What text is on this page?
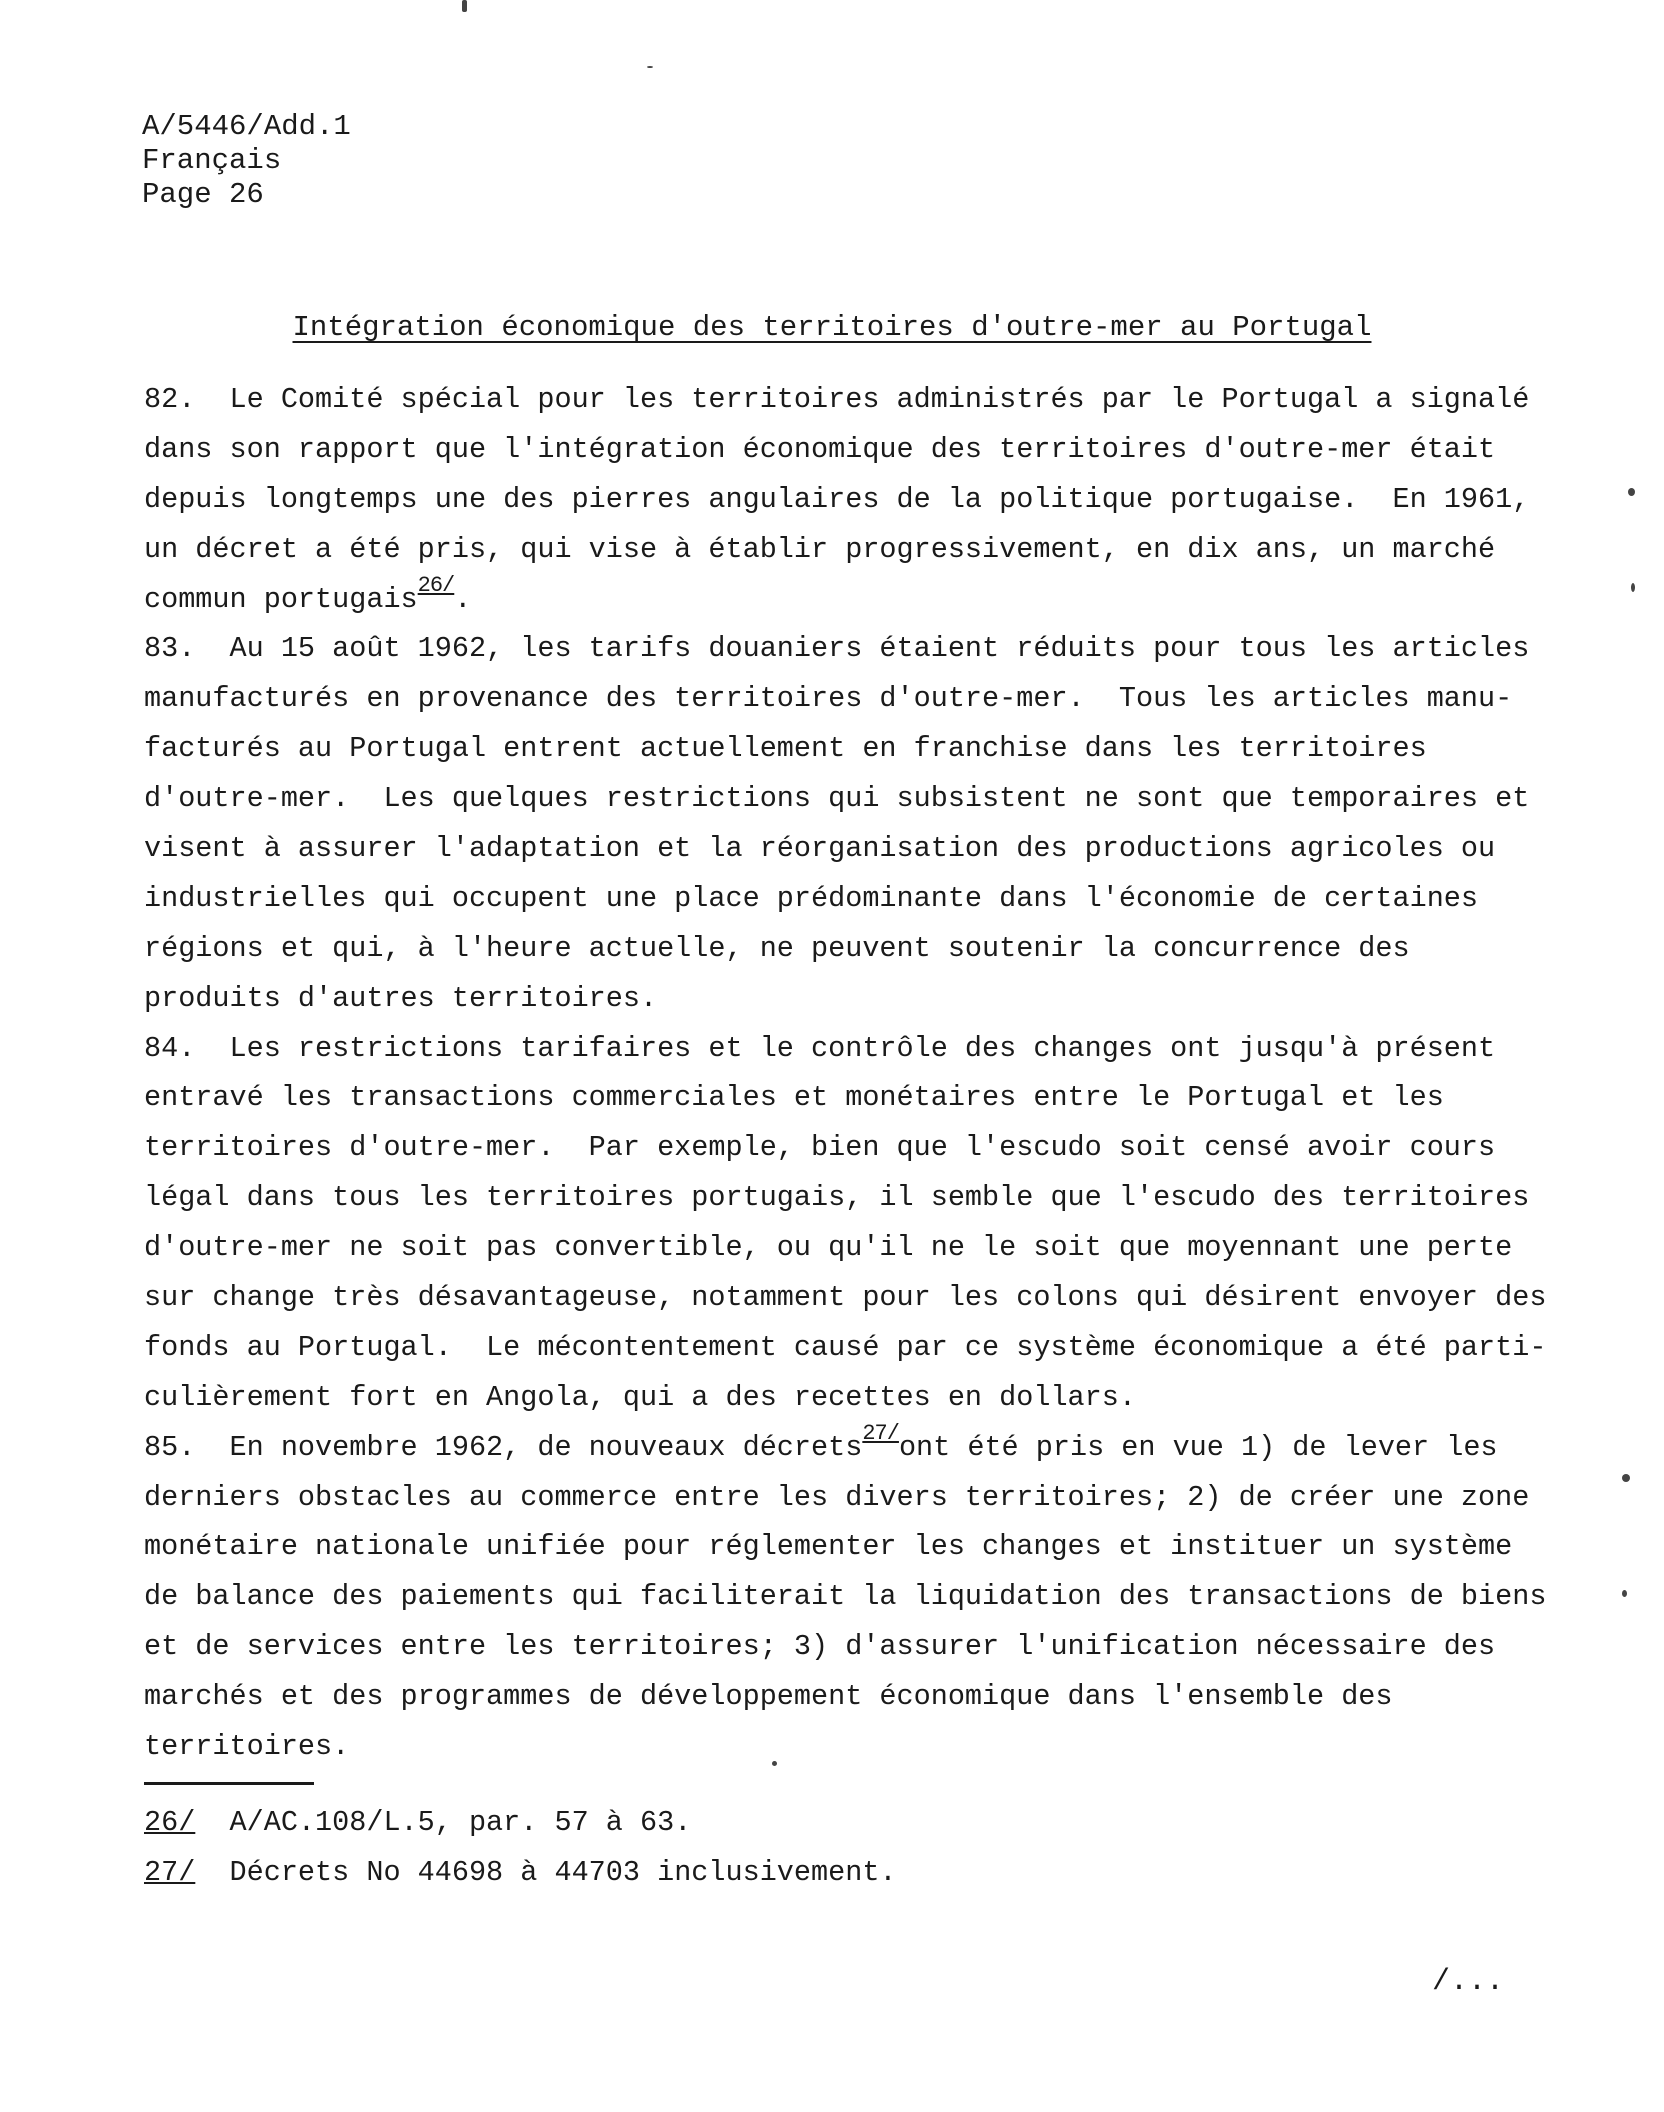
A/5446/Add.1
Français
Page 26
Intégration économique des territoires d'outre-mer au Portugal
82.  Le Comité spécial pour les territoires administrés par le Portugal a signalé
dans son rapport que l'intégration économique des territoires d'outre-mer était
depuis longtemps une des pierres angulaires de la politique portugaise.  En 1961,
un décret a été pris, qui vise à établir progressivement, en dix ans, un marché
commun portugais$^{26/}$.
83.  Au 15 août 1962, les tarifs douaniers étaient réduits pour tous les articles
manufacturés en provenance des territoires d'outre-mer.  Tous les articles manu-
facturés au Portugal entrent actuellement en franchise dans les territoires
d'outre-mer.  Les quelques restrictions qui subsistent ne sont que temporaires et
visent à assurer l'adaptation et la réorganisation des productions agricoles ou
industrielles qui occupent une place prédominante dans l'économie de certaines
régions et qui, à l'heure actuelle, ne peuvent soutenir la concurrence des
produits d'autres territoires.
84.  Les restrictions tarifaires et le contrôle des changes ont jusqu'à présent
entravé les transactions commerciales et monétaires entre le Portugal et les
territoires d'outre-mer.  Par exemple, bien que l'escudo soit censé avoir cours
légal dans tous les territoires portugais, il semble que l'escudo des territoires
d'outre-mer ne soit pas convertible, ou qu'il ne le soit que moyennant une perte
sur change très désavantageuse, notamment pour les colons qui désirent envoyer des
fonds au Portugal.  Le mécontentement causé par ce système économique a été parti-
culièrement fort en Angola, qui a des recettes en dollars.
85.  En novembre 1962, de nouveaux décrets$^{27/}$ont été pris en vue 1) de lever les
derniers obstacles au commerce entre les divers territoires; 2) de créer une zone
monétaire nationale unifiée pour réglementer les changes et instituer un système
de balance des paiements qui faciliterait la liquidation des transactions de biens
et de services entre les territoires; 3) d'assurer l'unification nécessaire des
marchés et des programmes de développement économique dans l'ensemble des
territoires.
26/  A/AC.108/L.5, par. 57 à 63.
27/  Décrets No 44698 à 44703 inclusivement.
/...
